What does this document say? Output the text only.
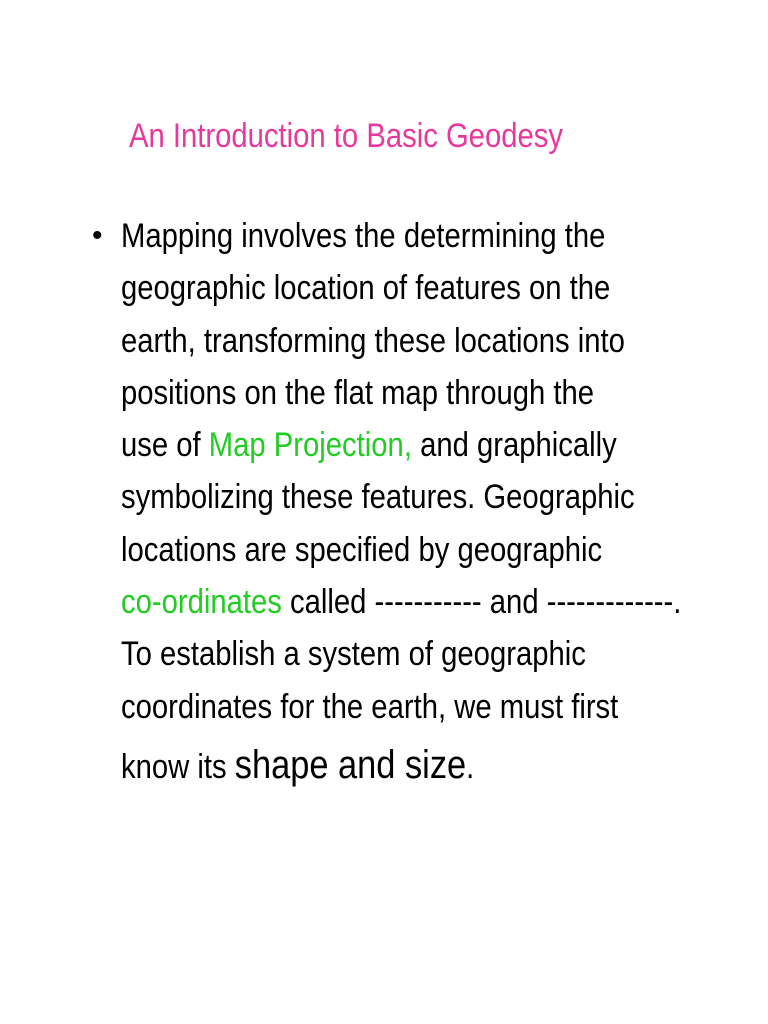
An Introduction to Basic Geodesy
• Mapping involves the determining the
geographic location of features on the
earth, transforming these locations into
positions on the flat map through the
use of Map Projection, and graphically
symbolizing these features. Geographic
locations are specified by geographic
co-ordinates called ----------- and -------------.
To establish a system of geographic
coordinates for the earth, we must first
know its shape and size.
